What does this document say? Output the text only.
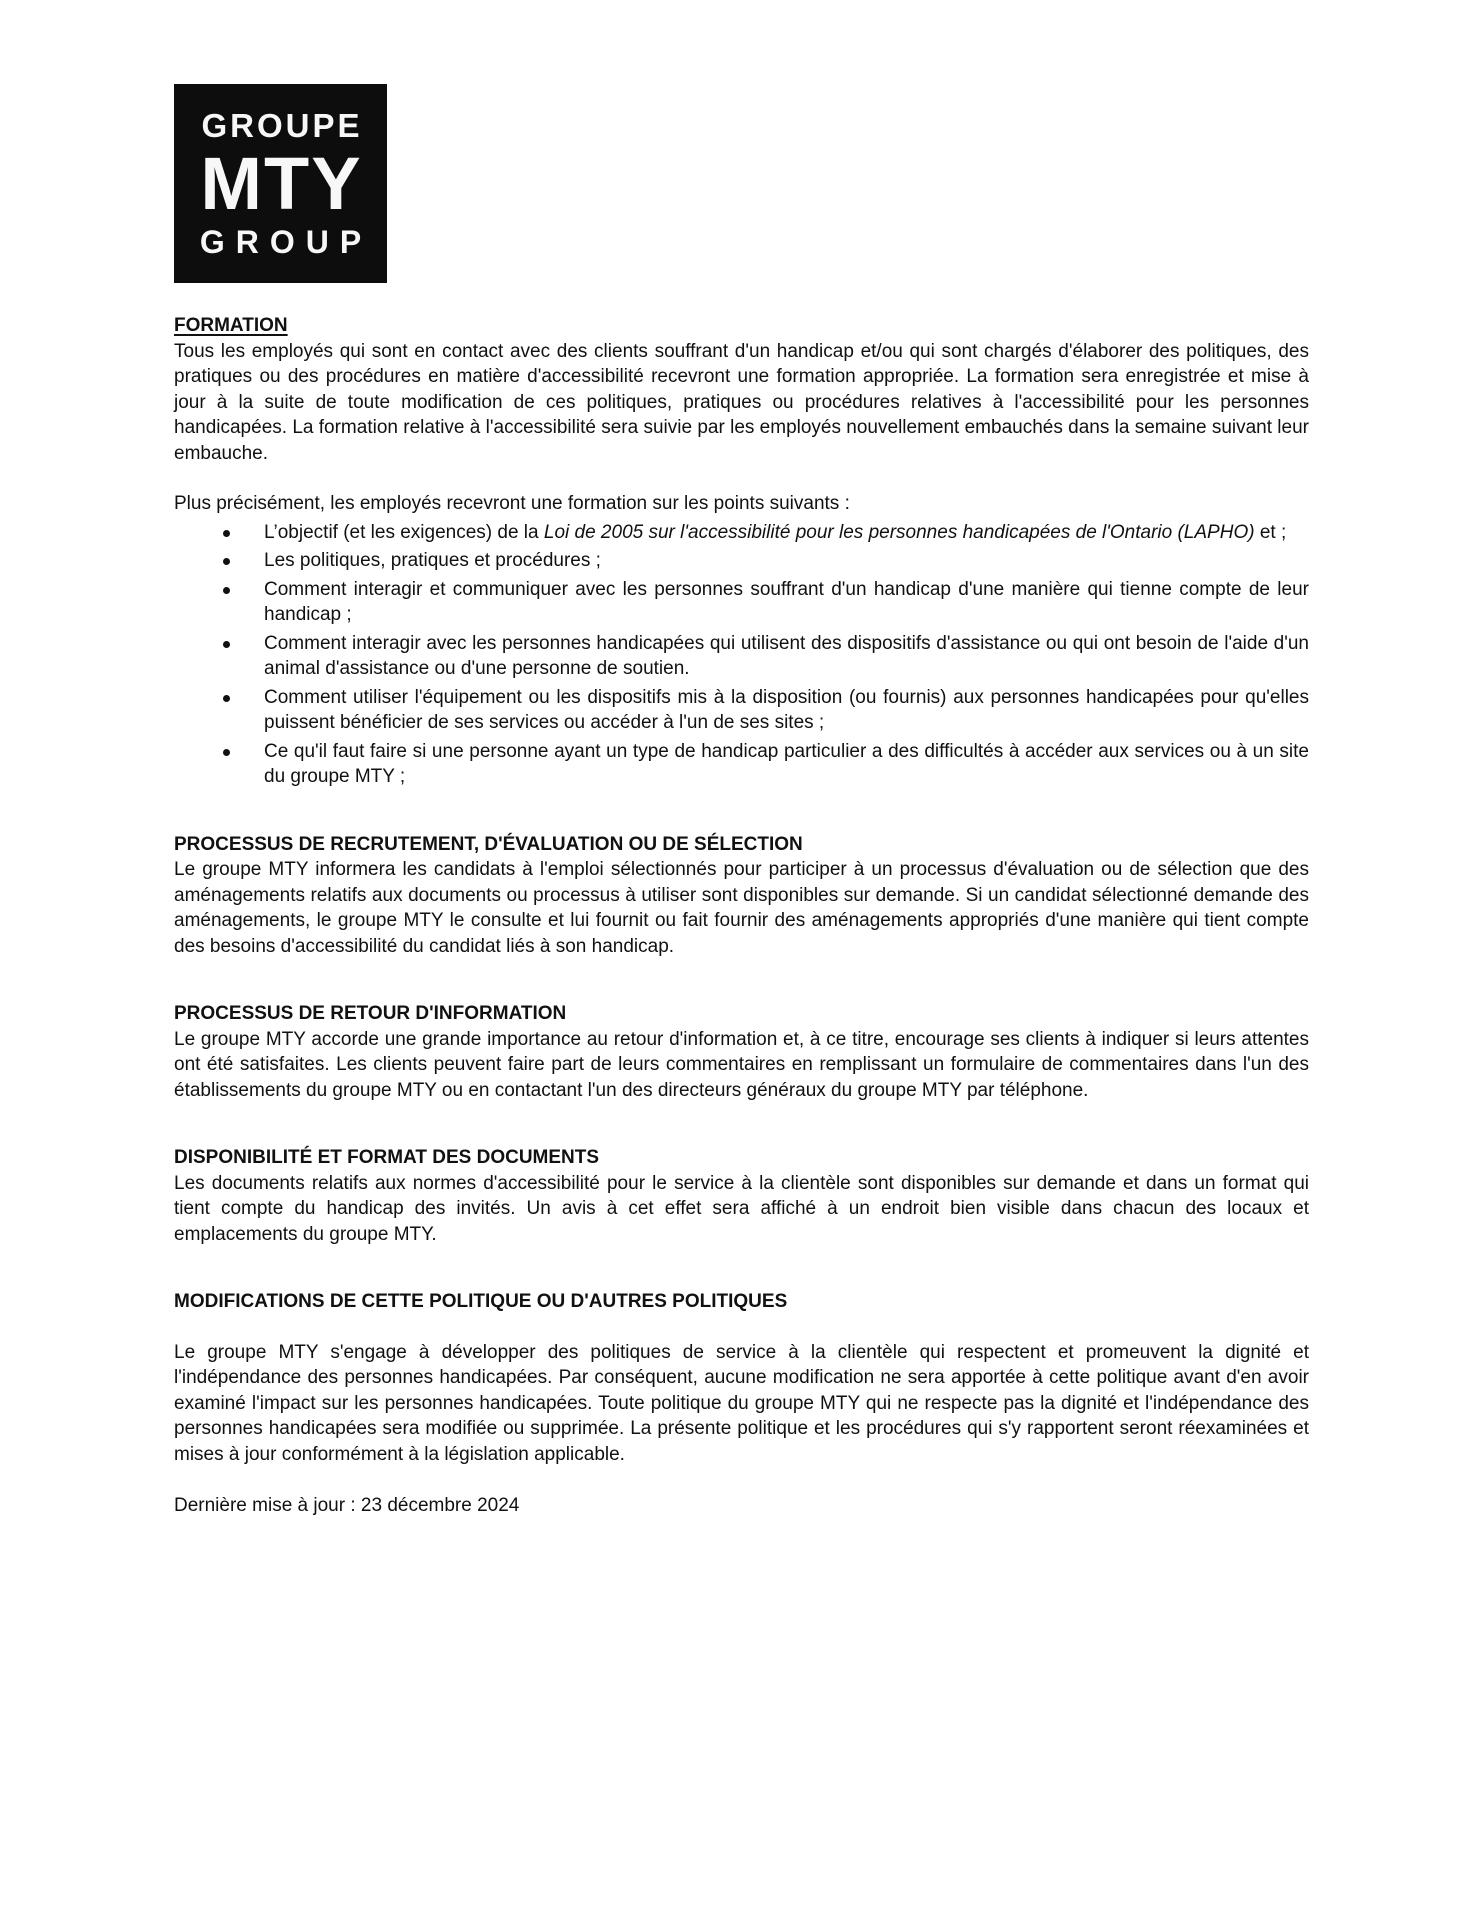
GROUPE
MTY
GROUP
FORMATION

Tous les employés qui sont en contact avec des clients souffrant d'un handicap et/ou qui sont chargés d'élaborer des politiques, des pratiques ou des procédures en matière d'accessibilité recevront une formation appropriée. La formation sera enregistrée et mise à jour à la suite de toute modification de ces politiques, pratiques ou procédures relatives à l'accessibilité pour les personnes handicapées. La formation relative à l'accessibilité sera suivie par les employés nouvellement embauchés dans la semaine suivant leur embauche.

Plus précisément, les employés recevront une formation sur les points suivants :

L’objectif (et les exigences) de la Loi de 2005 sur l'accessibilité pour les personnes handicapées de l'Ontario (LAPHO) et ;
Les politiques, pratiques et procédures ;
Comment interagir et communiquer avec les personnes souffrant d'un handicap d'une manière qui tienne compte de leur handicap ;
Comment interagir avec les personnes handicapées qui utilisent des dispositifs d'assistance ou qui ont besoin de l'aide d'un animal d'assistance ou d'une personne de soutien.
Comment utiliser l'équipement ou les dispositifs mis à la disposition (ou fournis) aux personnes handicapées pour qu'elles puissent bénéficier de ses services ou accéder à l'un de ses sites ;
Ce qu'il faut faire si une personne ayant un type de handicap particulier a des difficultés à accéder aux services ou à un site du groupe MTY ;
PROCESSUS DE RECRUTEMENT, D'ÉVALUATION OU DE SÉLECTION

Le groupe MTY informera les candidats à l'emploi sélectionnés pour participer à un processus d'évaluation ou de sélection que des aménagements relatifs aux documents ou processus à utiliser sont disponibles sur demande. Si un candidat sélectionné demande des aménagements, le groupe MTY le consulte et lui fournit ou fait fournir des aménagements appropriés d'une manière qui tient compte des besoins d'accessibilité du candidat liés à son handicap.

PROCESSUS DE RETOUR D'INFORMATION

Le groupe MTY accorde une grande importance au retour d'information et, à ce titre, encourage ses clients à indiquer si leurs attentes ont été satisfaites. Les clients peuvent faire part de leurs commentaires en remplissant un formulaire de commentaires dans l'un des établissements du groupe MTY ou en contactant l'un des directeurs généraux du groupe MTY par téléphone.

DISPONIBILITÉ ET FORMAT DES DOCUMENTS

Les documents relatifs aux normes d'accessibilité pour le service à la clientèle sont disponibles sur demande et dans un format qui tient compte du handicap des invités. Un avis à cet effet sera affiché à un endroit bien visible dans chacun des locaux et emplacements du groupe MTY.

MODIFICATIONS DE CETTE POLITIQUE OU D'AUTRES POLITIQUES

Le groupe MTY s'engage à développer des politiques de service à la clientèle qui respectent et promeuvent la dignité et l'indépendance des personnes handicapées. Par conséquent, aucune modification ne sera apportée à cette politique avant d'en avoir examiné l'impact sur les personnes handicapées. Toute politique du groupe MTY qui ne respecte pas la dignité et l'indépendance des personnes handicapées sera modifiée ou supprimée. La présente politique et les procédures qui s'y rapportent seront réexaminées et mises à jour conformément à la législation applicable.

Dernière mise à jour : 23 décembre 2024
